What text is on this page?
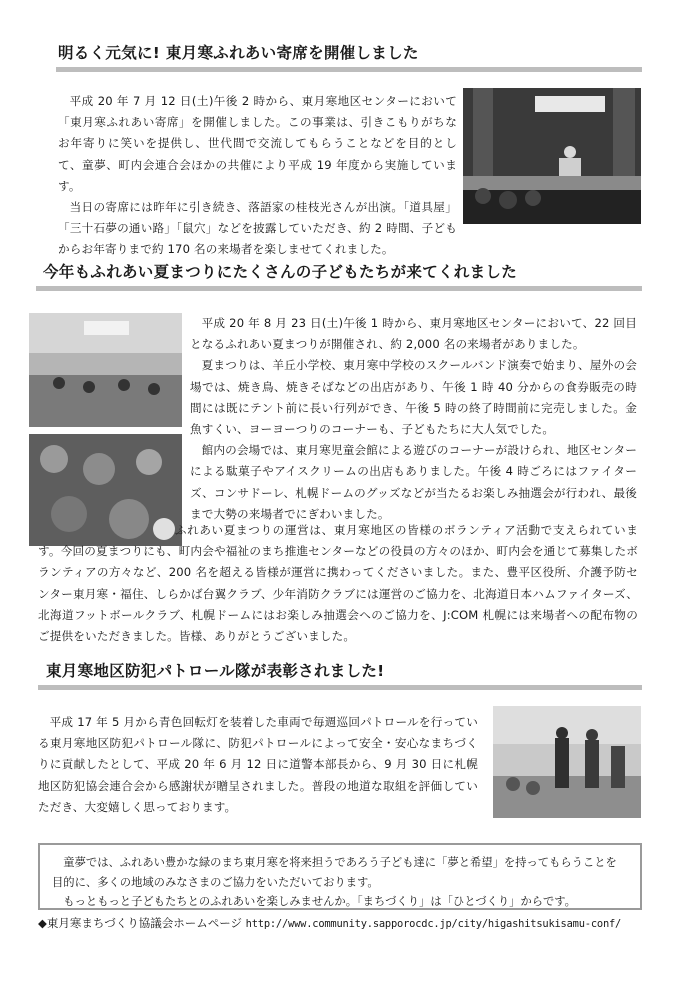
明るく元気に! 東月寒ふれあい寄席を開催しました

平成 20 年 7 月 12 日(土)午後 2 時から、東月寒地区センターにおいて「東月寒ふれあい寄席」を開催しました。この事業は、引きこもりがちなお年寄りに笑いを提供し、世代間で交流してもらうことなどを目的として、童夢、町内会連合会ほかの共催により平成 19 年度から実施しています。

当日の寄席には昨年に引き続き、落語家の桂枝光さんが出演。「道具屋」「三十石夢の通い路」「鼠穴」などを披露していただき、約 2 時間、子どもからお年寄りまで約 170 名の来場者を楽しませてくれました。

今年もふれあい夏まつりにたくさんの子どもたちが来てくれました

平成 20 年 8 月 23 日(土)午後 1 時から、東月寒地区センターにおいて、22 回目となるふれあい夏まつりが開催され、約 2,000 名の来場者がありました。

夏まつりは、羊丘小学校、東月寒中学校のスクールバンド演奏で始まり、屋外の会場では、焼き鳥、焼きそばなどの出店があり、午後 1 時 40 分からの食券販売の時間には既にテント前に長い行列ができ、午後 5 時の終了時間前に完売しました。金魚すくい、ヨーヨーつりのコーナーも、子どもたちに大人気でした。

館内の会場では、東月寒児童会館による遊びのコーナーが設けられ、地区センターによる駄菓子やアイスクリームの出店もありました。午後 4 時ごろにはファイターズ、コンサドーレ、札幌ドームのグッズなどが当たるお楽しみ抽選会が行われ、最後まで大勢の来場者でにぎわいました。

ふれあい夏まつりの運営は、東月寒地区の皆様のボランティア活動で支えられています。今回の夏まつりにも、町内会や福祉のまち推進センターなどの役員の方々のほか、町内会を通じて募集したボランティアの方々など、200 名を超える皆様が運営に携わってくださいました。また、豊平区役所、介護予防センター東月寒・福住、しらかば台翼クラブ、少年消防クラブには運営のご協力を、北海道日本ハムファイターズ、北海道フットボールクラブ、札幌ドームにはお楽しみ抽選会へのご協力を、J:COM 札幌には来場者への配布物のご提供をいただきました。皆様、ありがとうございました。

東月寒地区防犯パトロール隊が表彰されました!

平成 17 年 5 月から青色回転灯を装着した車両で毎週巡回パトロールを行っている東月寒地区防犯パトロール隊に、防犯パトロールによって安全・安心なまちづくりに貢献したとして、平成 20 年 6 月 12 日に道警本部長から、9 月 30 日に札幌地区防犯協会連合会から感謝状が贈呈されました。普段の地道な取組を評価していただき、大変嬉しく思っております。

童夢では、ふれあい豊かな緑のまち東月寒を将来担うであろう子ども達に「夢と希望」を持ってもらうことを目的に、多くの地域のみなさまのご協力をいただいております。

もっともっと子どもたちとのふれあいを楽しみませんか。「まちづくり」は「ひとづくり」からです。

◆東月寒まちづくり協議会ホームページ http://www.community.sapporocdc.jp/city/higashitsukisamu-conf/
